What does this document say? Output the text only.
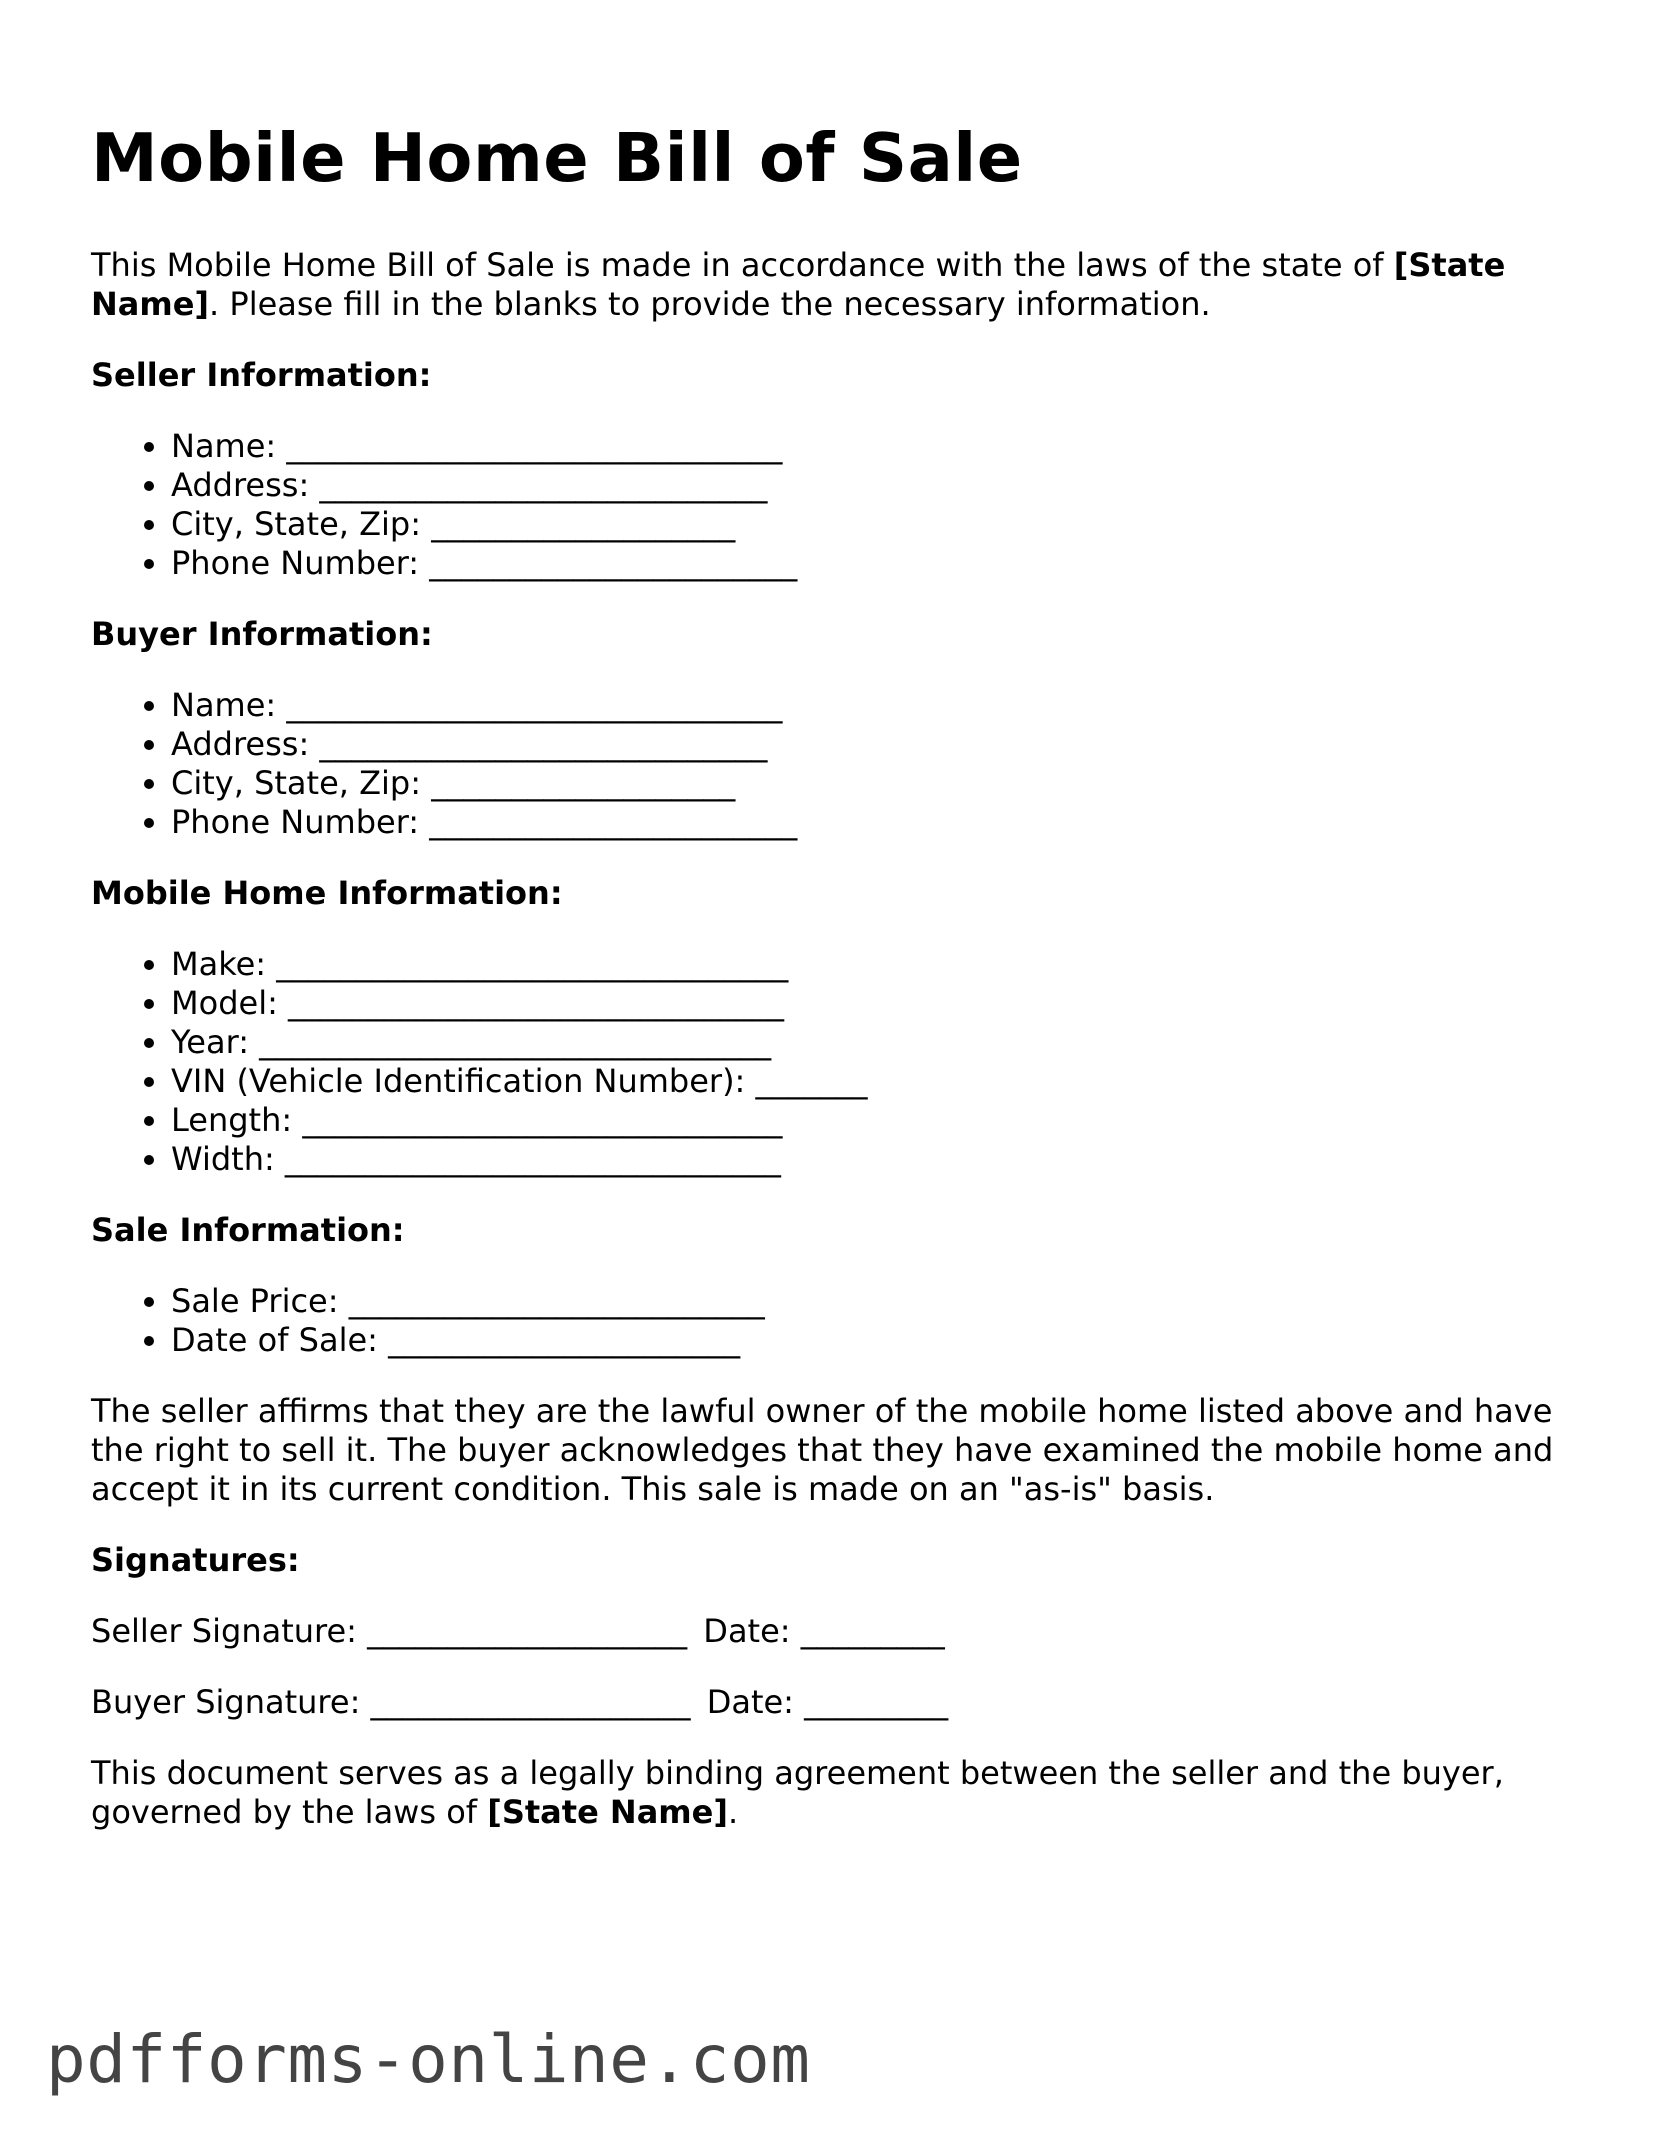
Mobile Home Bill of Sale

This Mobile Home Bill of Sale is made in accordance with the laws of the state of [State Name]. Please fill in the blanks to provide the necessary information.

Seller Information:
• Name: _______________________________
• Address: ____________________________
• City, State, Zip: ___________________
• Phone Number: _______________________
Buyer Information:
• Name: _______________________________
• Address: ____________________________
• City, State, Zip: ___________________
• Phone Number: _______________________
Mobile Home Information:
• Make: ________________________________
• Model: _______________________________
• Year: ________________________________
• VIN (Vehicle Identification Number): _______
• Length: ______________________________
• Width: _______________________________
Sale Information:
• Sale Price: __________________________
• Date of Sale: ______________________

The seller affirms that they are the lawful owner of the mobile home listed above and have the right to sell it. The buyer acknowledges that they have examined the mobile home and accept it in its current condition. This sale is made on an "as-is" basis.

Signatures:
Seller Signature: ____________________ Date: _________
Buyer Signature: ____________________ Date: _________

This document serves as a legally binding agreement between the seller and the buyer, governed by the laws of [State Name].

pdfforms-online.com
